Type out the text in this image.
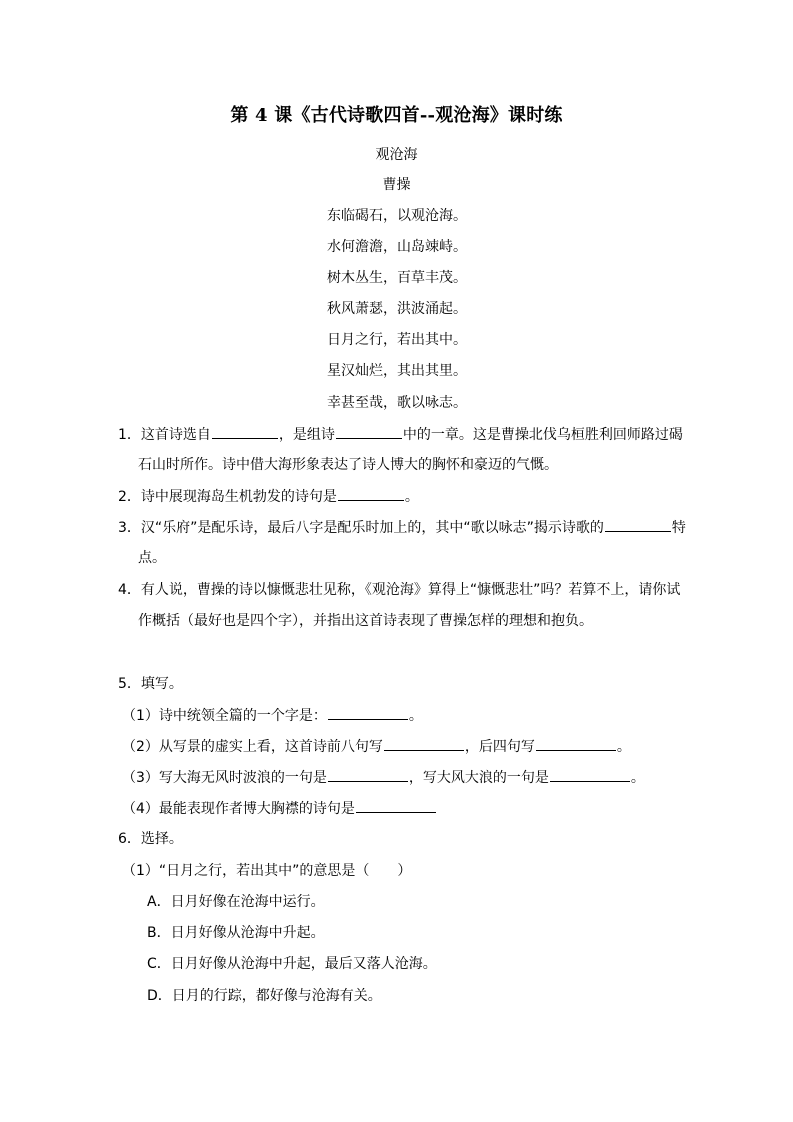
第 4 课《古代诗歌四首--观沧海》课时练
观沧海
曹操
东临碣石，以观沧海。
水何澹澹，山岛竦峙。
树木丛生，百草丰茂。
秋风萧瑟，洪波涌起。
日月之行，若出其中。
星汉灿烂，其出其里。
幸甚至哉，歌以咏志。
1．这首诗选自	，是组诗	中的一章。这是曹操北伐乌桓胜利回师路过碣
石山时所作。诗中借大海形象表达了诗人博大的胸怀和豪迈的气慨。
2．诗中展现海岛生机勃发的诗句是	。
3．汉“乐府”是配乐诗，最后八字是配乐时加上的，其中“歌以咏志”揭示诗歌的	特
点。
4．有人说，曹操的诗以慷慨悲壮见称，《观沧海》算得上“慷慨悲壮”吗？若算不上，请你试
作概括（最好也是四个字），并指出这首诗表现了曹操怎样的理想和抱负。
5．填写。
（1）诗中统领全篇的一个字是：	。
（2）从写景的虚实上看，这首诗前八句写	，后四句写	。
（3）写大海无风时波浪的一句是	，写大风大浪的一句是	。
（4）最能表现作者博大胸襟的诗句是
6．选择。
（1）“日月之行，若出其中”的意思是（　　）
A．日月好像在沧海中运行。
B．日月好像从沧海中升起。
C．日月好像从沧海中升起，最后又落人沧海。
D．日月的行踪，都好像与沧海有关。
